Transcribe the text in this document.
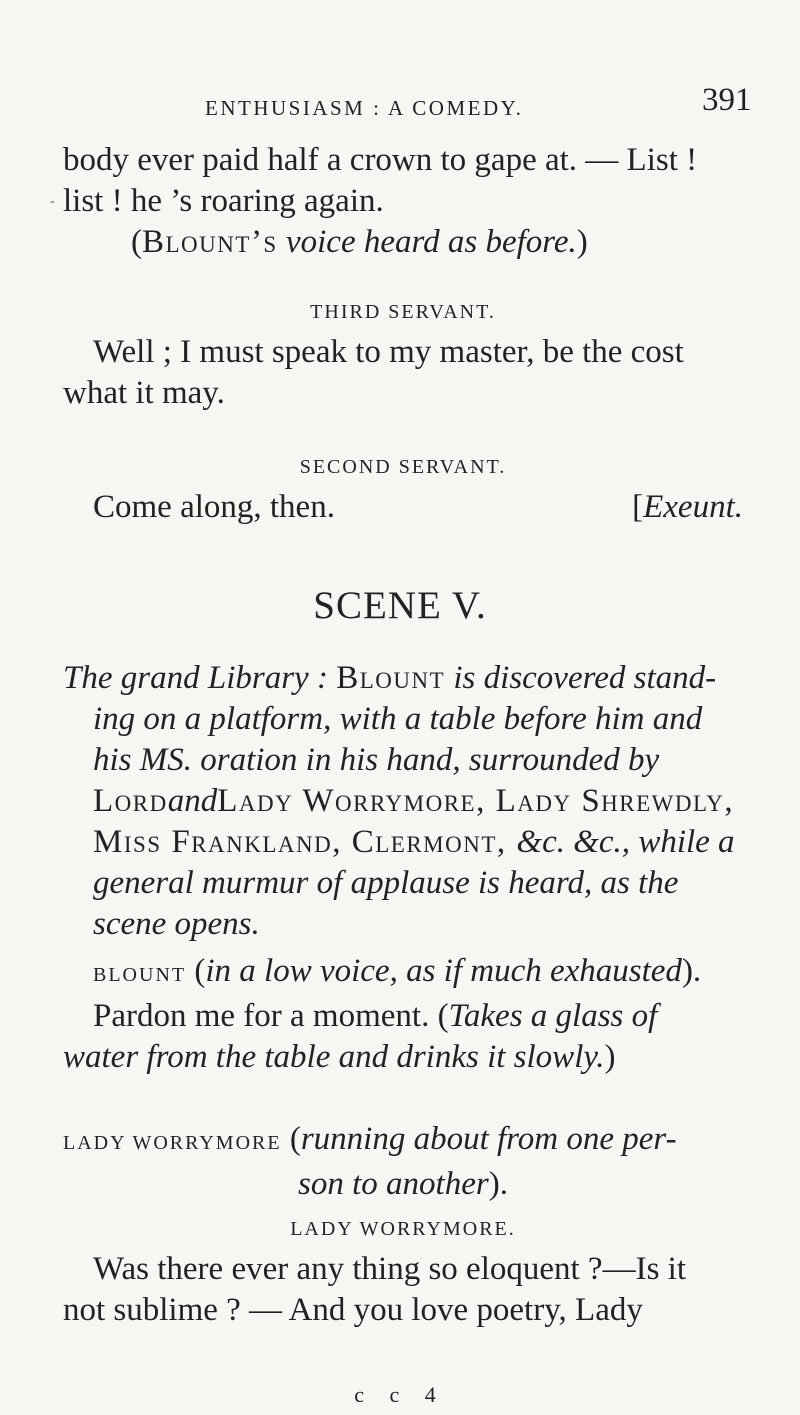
ENTHUSIASM : A COMEDY.	391
-
body ever paid half a crown to gape at. — List !
list ! he ’s roaring again.
(Blount’s voice heard as before.)
THIRD SERVANT.
Well ; I must speak to my master, be the cost
what it may.
SECOND SERVANT.
Come along, then.	[Exeunt.
SCENE V.
The grand Library : Blount is discovered stand-
ing on a platform, with a table before him and
his MS. oration in his hand, surrounded by
LordandLady Worrymore, Lady Shrewdly,
Miss Frankland, Clermont, &c. &c., while a
general murmur of applause is heard, as the
scene opens.
BLOUNT (in a low voice, as if much exhausted).
Pardon me for a moment. (Takes a glass of
water from the table and drinks it slowly.)
LADY WORRYMORE (running about from one per-
son to another).
LADY WORRYMORE.
Was there ever any thing so eloquent ?—Is it
not sublime ? — And you love poetry, Lady
c c 4
